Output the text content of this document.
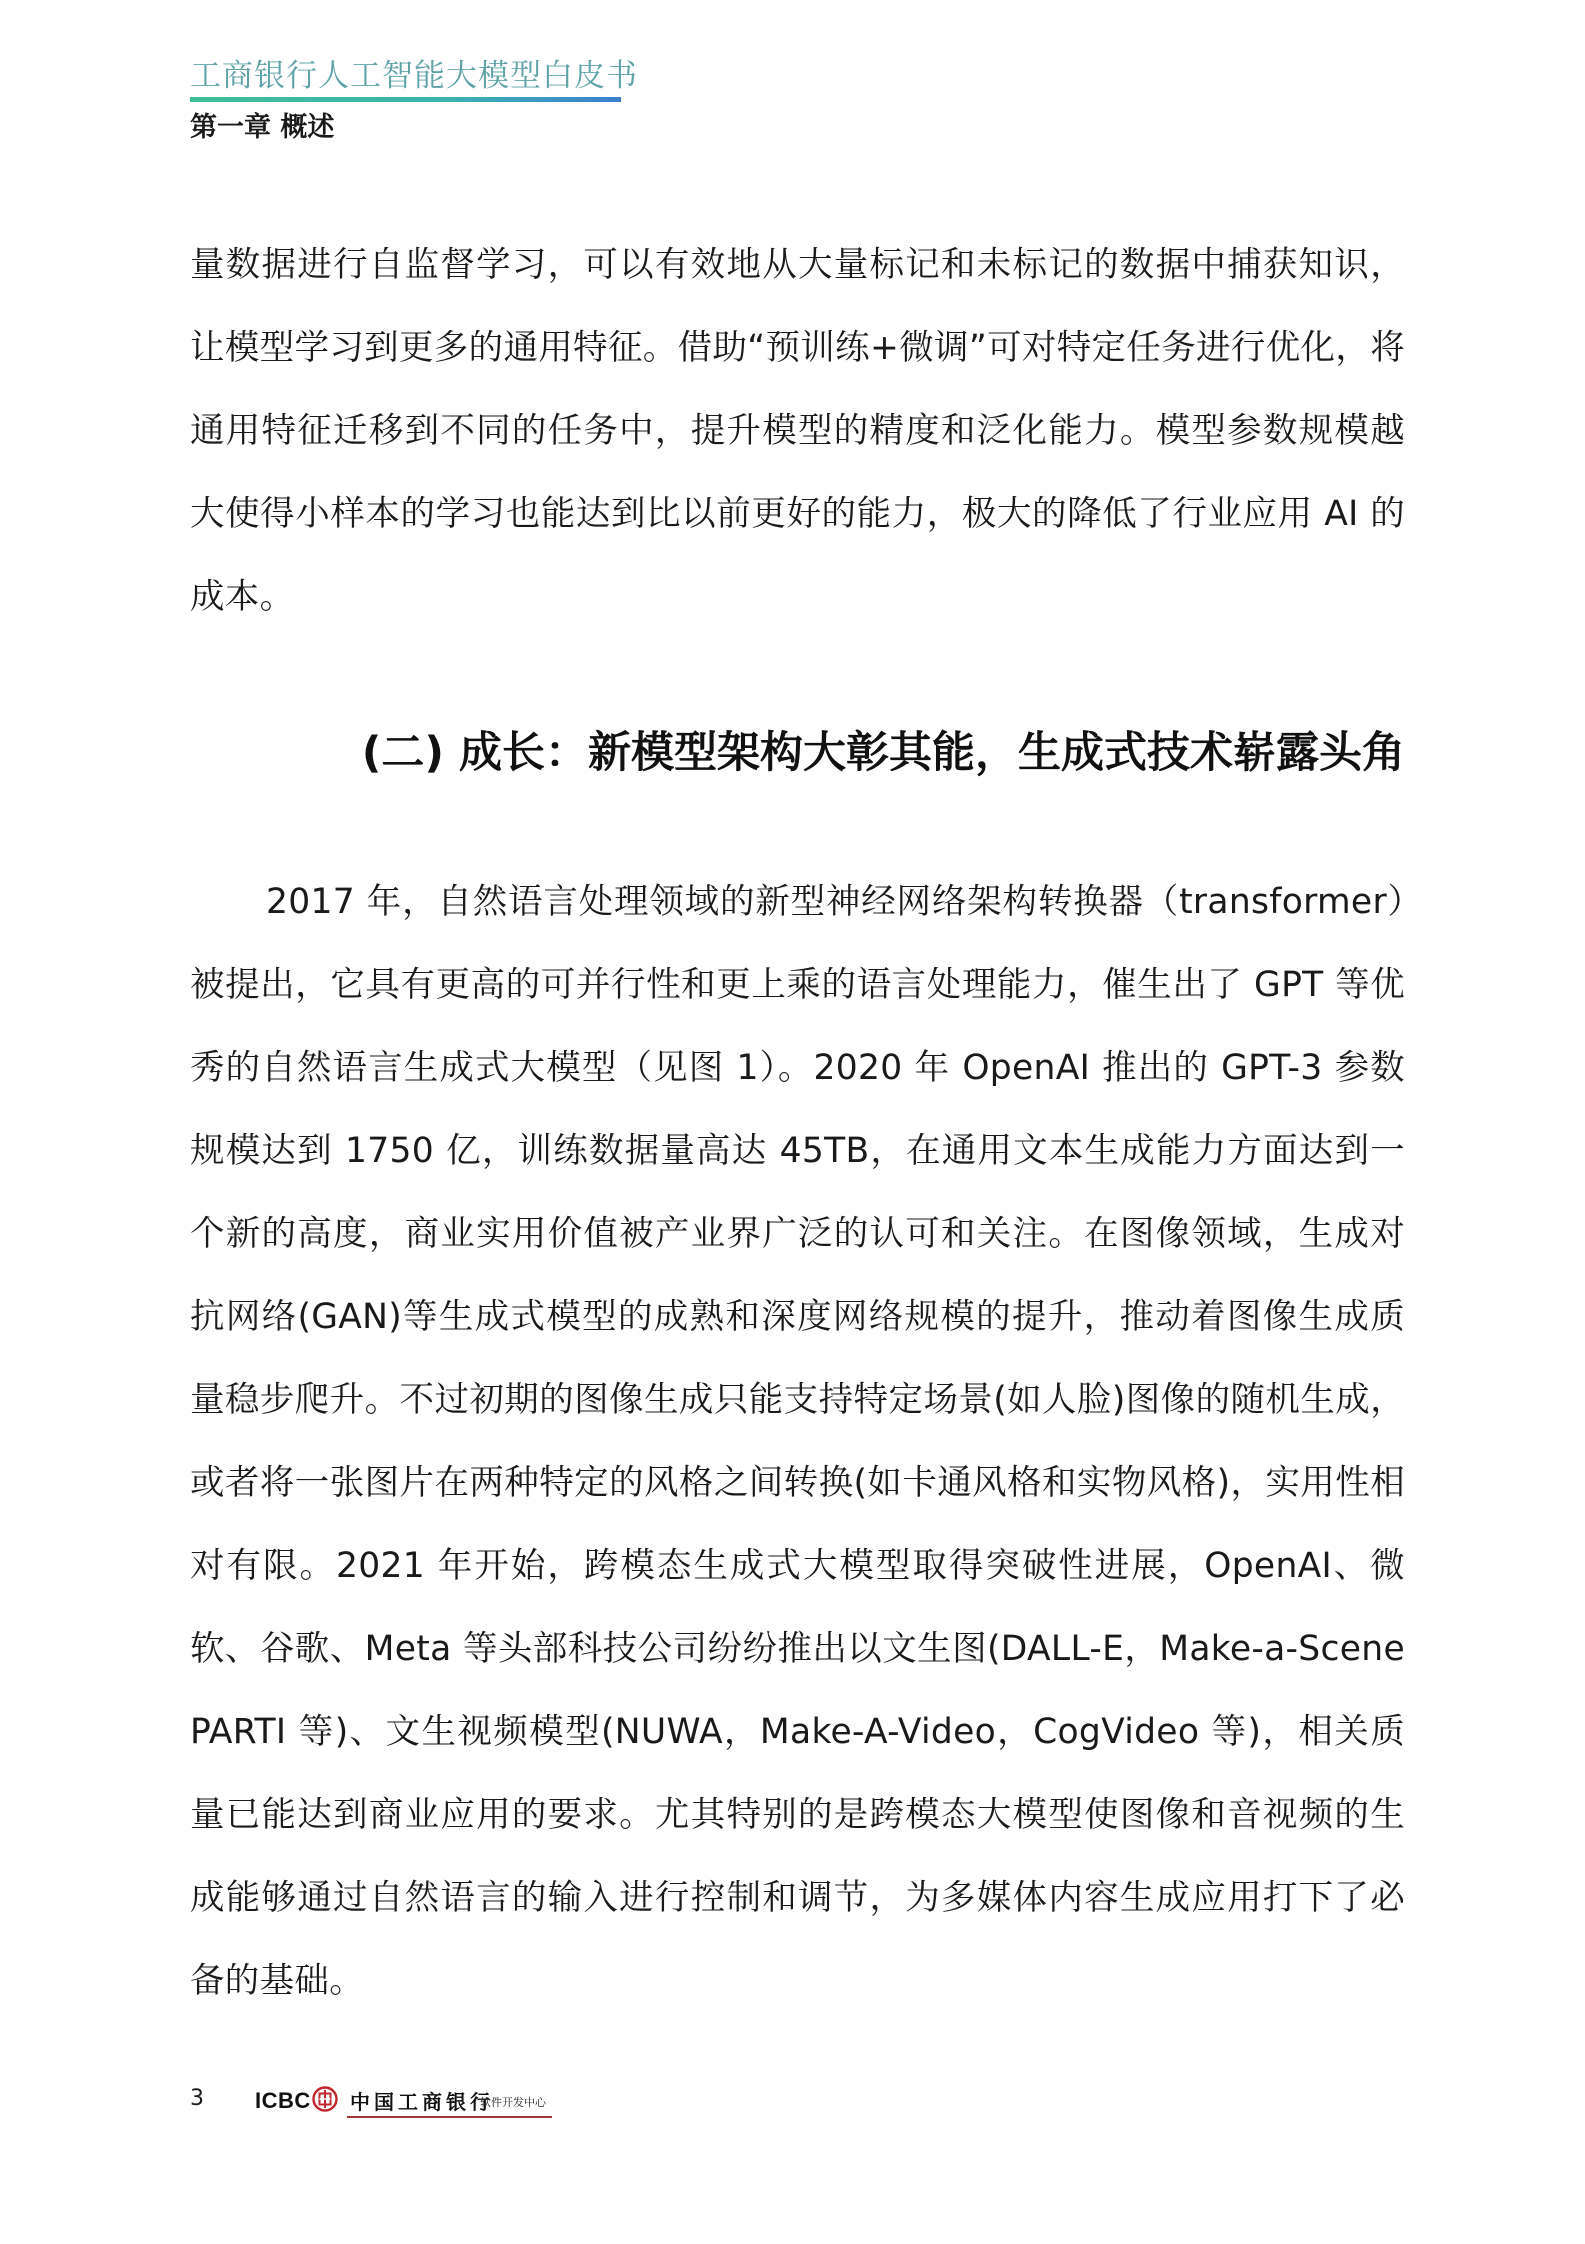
工商银行人工智能大模型白皮书
第一章 概述

量数据进行自监督学习，可以有效地从大量标记和未标记的数据中捕获知识，让模型学习到更多的通用特征。借助“预训练+微调”可对特定任务进行优化，将通用特征迁移到不同的任务中，提升模型的精度和泛化能力。模型参数规模越大使得小样本的学习也能达到比以前更好的能力，极大的降低了行业应用 AI 的成本。

(二) 成长：新模型架构大彰其能，生成式技术崭露头角

2017 年，自然语言处理领域的新型神经网络架构转换器（transformer）被提出，它具有更高的可并行性和更上乘的语言处理能力，催生出了 GPT 等优秀的自然语言生成式大模型（见图 1）。2020 年 OpenAI 推出的 GPT-3 参数规模达到 1750 亿，训练数据量高达 45TB，在通用文本生成能力方面达到一个新的高度，商业实用价值被产业界广泛的认可和关注。在图像领域，生成对抗网络(GAN)等生成式模型的成熟和深度网络规模的提升，推动着图像生成质量稳步爬升。不过初期的图像生成只能支持特定场景(如人脸)图像的随机生成，或者将一张图片在两种特定的风格之间转换(如卡通风格和实物风格)，实用性相对有限。2021 年开始，跨模态生成式大模型取得突破性进展，OpenAI、微软、谷歌、Meta 等头部科技公司纷纷推出以文生图(DALL-E，Make-a-ScenePARTI 等)、文生视频模型(NUWA，Make-A-Video，CogVideo 等)，相关质量已能达到商业应用的要求。尤其特别的是跨模态大模型使图像和音视频的生成能够通过自然语言的输入进行控制和调节，为多媒体内容生成应用打下了必备的基础。

3 ICBC 中国工商银行
软件开发中心
